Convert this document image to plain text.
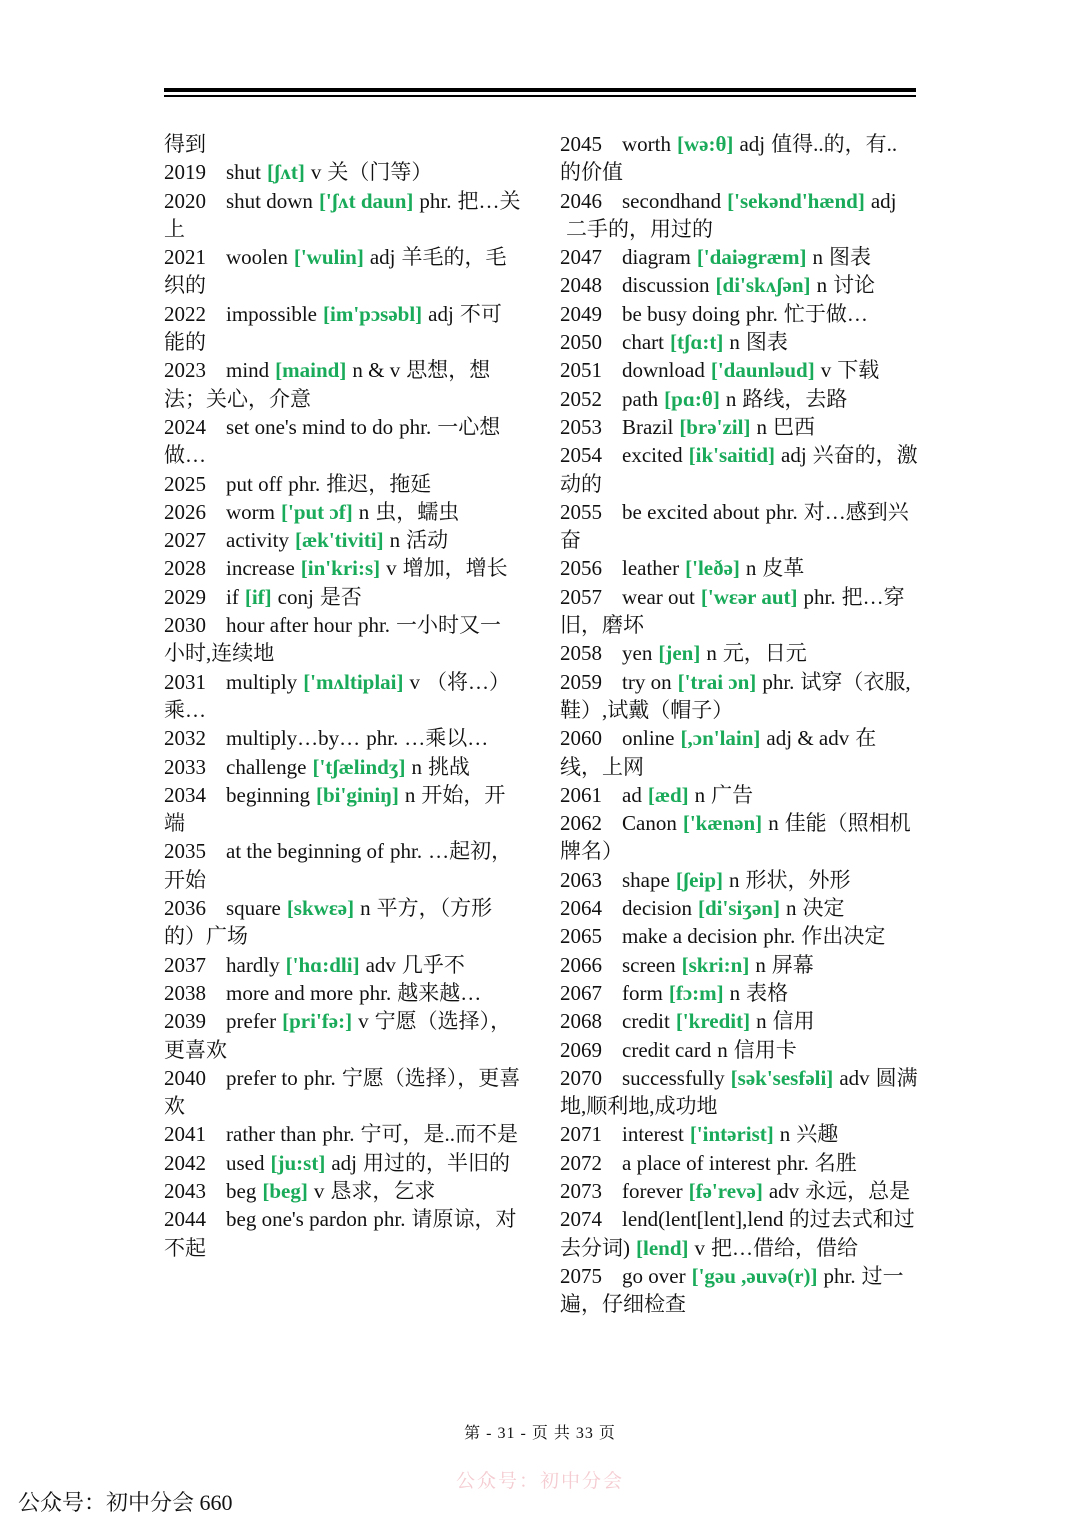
得到
2019 shut [ʃʌt] v 关（门等）
2020 shut down ['ʃʌt daun] phr. 把…关上
2021 woolen ['wulin] adj 羊毛的，毛织的
2022 impossible [im'pɔsəbl] adj 不可能的
2023 mind [maind] n & v 思想，想法；关心，介意
2024 set one's mind to do phr. 一心想做…
2025 put off phr. 推迟，拖延
2026 worm ['put ɔf] n 虫，蠕虫
2027 activity [æk'tiviti] n 活动
2028 increase [in'kri:s] v 增加，增长
2029 if [if] conj 是否
2030 hour after hour phr. 一小时又一小时,连续地
2031 multiply ['mʌltiplai] v （将…）乘…
2032 multiply…by… phr. …乘以…
2033 challenge ['tʃælindʒ] n 挑战
2034 beginning [bi'giniŋ] n 开始，开端
2035 at the beginning of phr. …起初，开始
2036 square [skwɛə] n 平方，（方形的）广场
2037 hardly ['hɑ:dli] adv 几乎不
2038 more and more phr. 越来越…
2039 prefer [pri'fə:] v 宁愿（选择），更喜欢
2040 prefer to phr. 宁愿（选择），更喜欢
2041 rather than phr. 宁可，是..而不是
2042 used [ju:st] adj 用过的，半旧的
2043 beg [beg] v 恳求，乞求
2044 beg one's pardon phr. 请原谅，对不起
2045 worth [wə:θ] adj 值得..的，有..的价值
2046 secondhand ['sekənd'hænd] adj二手的，用过的
2047 diagram ['daiəgræm] n 图表
2048 discussion [di'skʌʃən] n 讨论
2049 be busy doing phr. 忙于做…
2050 chart [tʃɑ:t] n 图表
2051 download ['daunləud] v 下载
2052 path [pɑ:θ] n 路线，去路
2053 Brazil [brə'zil] n 巴西
2054 excited [ik'saitid] adj 兴奋的，激动的
2055 be excited about phr. 对…感到兴奋
2056 leather ['leðə] n 皮革
2057 wear out ['wɛər aut] phr. 把…穿旧，磨坏
2058 yen [jen] n 元，日元
2059 try on ['trai ɔn] phr. 试穿（衣服,鞋）,试戴（帽子）
2060 online [,ɔn'lain] adj & adv 在线，上网
2061 ad [æd] n 广告
2062 Canon ['kænən] n 佳能（照相机牌名）
2063 shape [ʃeip] n 形状，外形
2064 decision [di'siʒən] n 决定
2065 make a decision phr. 作出决定
2066 screen [skri:n] n 屏幕
2067 form [fɔ:m] n 表格
2068 credit ['kredit] n 信用
2069 credit card n 信用卡
2070 successfully [sək'sesfəli] adv 圆满地,顺利地,成功地
2071 interest ['intərist] n 兴趣
2072 a place of interest phr. 名胜
2073 forever [fə'revə] adv 永远，总是
2074 lend(lent[lent],lend 的过去式和过去分词) [lend] v 把…借给，借给
2075 go over ['gəu ,əuvə(r)] phr. 过一遍，仔细检查
第 - 31 - 页 共 33 页
公众号：初中分会
公众号：初中分会 660
